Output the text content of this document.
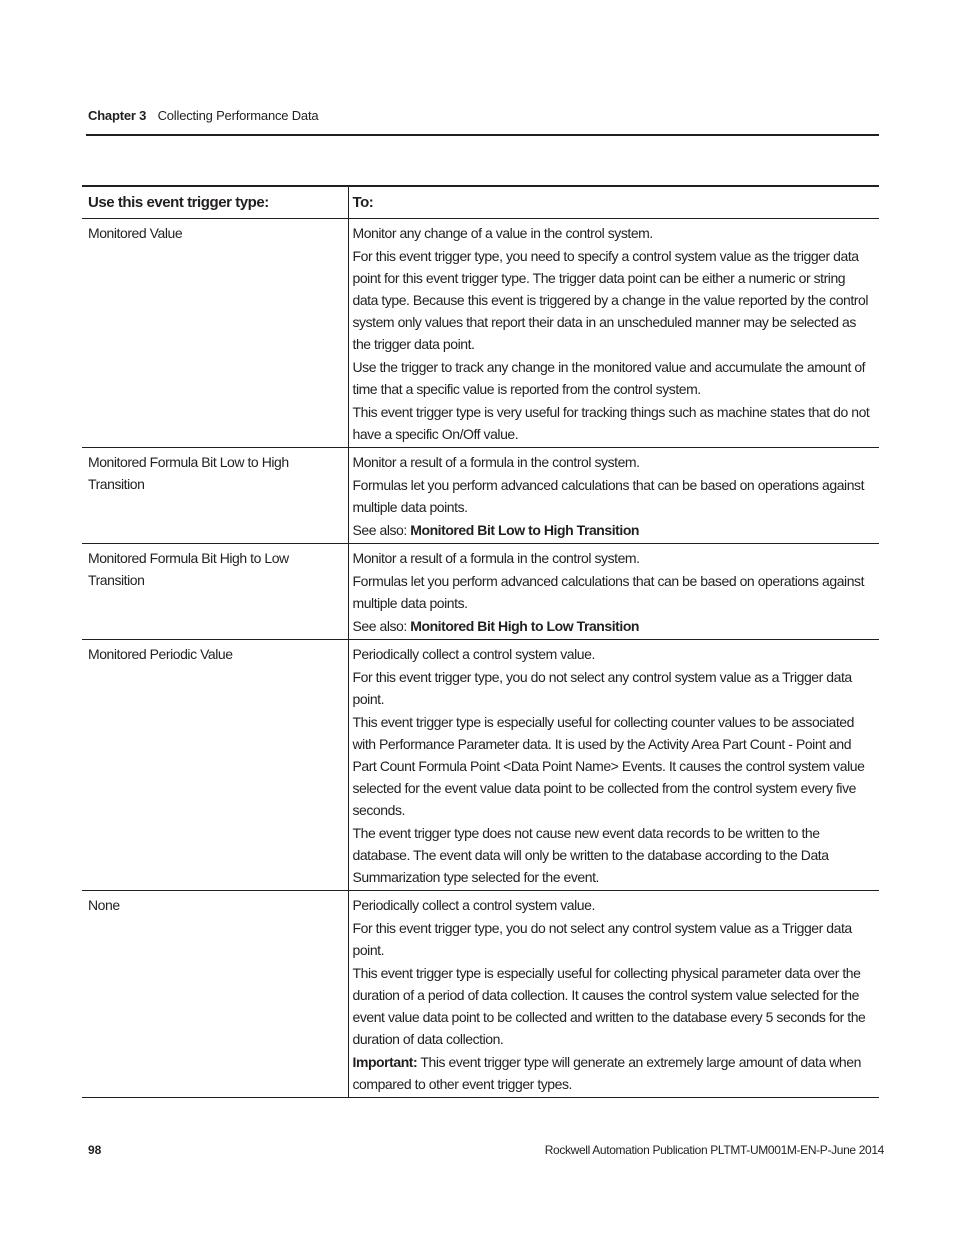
Chapter 3 Collecting Performance Data
Use this event trigger type:	To:
Monitored Value	Monitor any change of a value in the control system.

For this event trigger type, you need to specify a control system value as the trigger data point for this event trigger type. The trigger data point can be either a numeric or string data type. Because this event is triggered by a change in the value reported by the control system only values that report their data in an unscheduled manner may be selected as the trigger data point.

Use the trigger to track any change in the monitored value and accumulate the amount of time that a specific value is reported from the control system.

This event trigger type is very useful for tracking things such as machine states that do not have a specific On/Off value.

Monitored Formula Bit Low to High Transition	Monitor a result of a formula in the control system.

Formulas let you perform advanced calculations that can be based on operations against multiple data points.

See also: Monitored Bit Low to High Transition

Monitored Formula Bit High to Low Transition	Monitor a result of a formula in the control system.

Formulas let you perform advanced calculations that can be based on operations against multiple data points.

See also: Monitored Bit High to Low Transition

Monitored Periodic Value	Periodically collect a control system value.

For this event trigger type, you do not select any control system value as a Trigger data point.

This event trigger type is especially useful for collecting counter values to be associated with Performance Parameter data. It is used by the Activity Area Part Count - Point and Part Count Formula Point <Data Point Name> Events. It causes the control system value selected for the event value data point to be collected from the control system every five seconds.

The event trigger type does not cause new event data records to be written to the database. The event data will only be written to the database according to the Data Summarization type selected for the event.

None	Periodically collect a control system value.

For this event trigger type, you do not select any control system value as a Trigger data point.

This event trigger type is especially useful for collecting physical parameter data over the duration of a period of data collection. It causes the control system value selected for the event value data point to be collected and written to the database every 5 seconds for the duration of data collection.

Important: This event trigger type will generate an extremely large amount of data when compared to other event trigger types.

98	Rockwell Automation Publication PLTMT-UM001M-EN-P-June 2014
